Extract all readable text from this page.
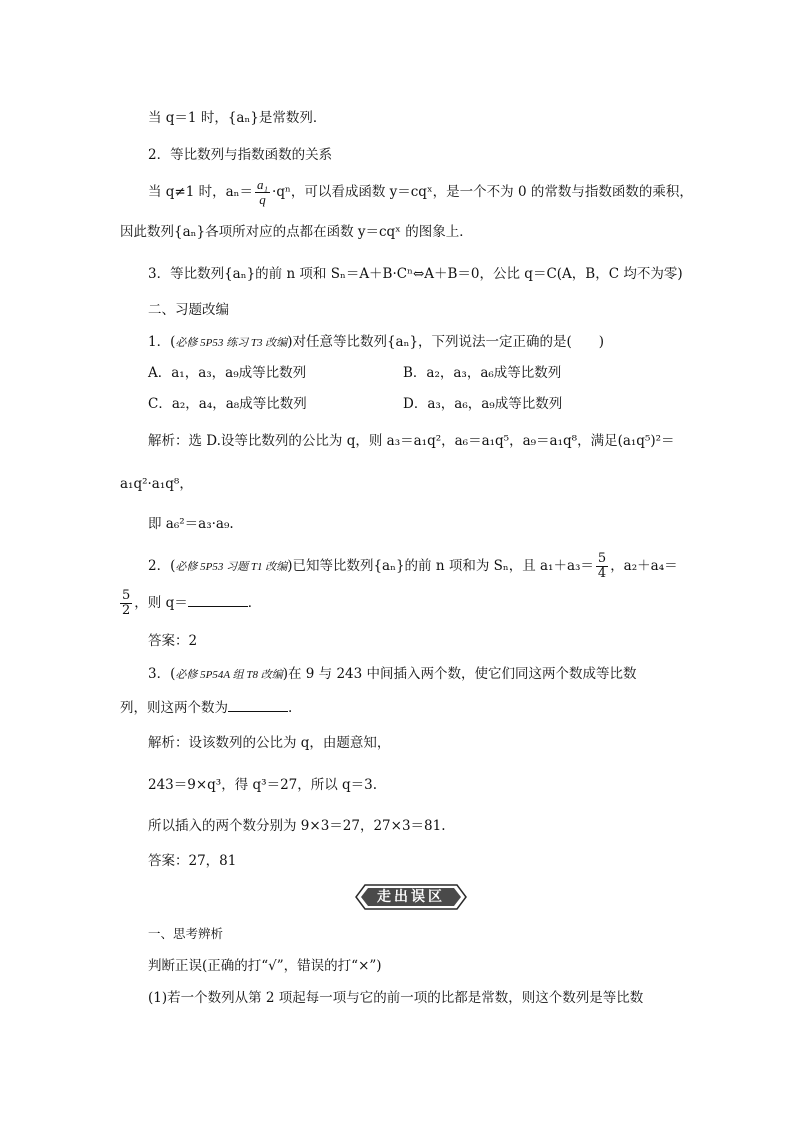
当 q＝1 时，{aₙ}是常数列．
2．等比数列与指数函数的关系
当 q≠1 时，$a_n= \frac{\text{a₁}}{q} \cdot q^n$，可以看成函数 y＝cqˣ，是一个不为 0 的常数与指数函数的乘积，
因此数列{aₙ}各项所对应的点都在函数 y＝cqˣ 的图象上．
3．等比数列{aₙ}的前 n 项和 Sₙ＝A＋B·Cⁿ⇔A＋B＝0，公比 q＝C(A，B，C 均不为零)
二、习题改编
1．(必修 5P53 练习 T3 改编)对任意等比数列{aₙ}，下列说法一定正确的是(　　)
A．a₁，a₃，a₉成等比数列	B．a₂，a₃，a₆成等比数列
C．a₂，a₄，a₈成等比数列	D．a₃，a₆，a₉成等比数列
解析：选 D.设等比数列的公比为 q，则 a₃＝a₁q²，a₆＝a₁q⁵，a₉＝a₁q⁸，满足(a₁q⁵)²＝
a₁q²·a₁q⁸，
即 a₆²＝a₃·a₉.
2．(必修 5P53 习题 T1 改编)已知等比数列{aₙ}的前 n 项和为 Sₙ，且 $a_1+a_3= \frac{5}{4}$ ，a₂＋a₄＝
$\frac{5}{2}$ ，则 q＝	．
答案：2
3．(必修 5P54A 组 T8 改编)在 9 与 243 中间插入两个数，使它们同这两个数成等比数
列，则这两个数为	.
解析：设该数列的公比为 q，由题意知，
243＝9×q³，得 q³＝27，所以 q＝3.
所以插入的两个数分别为 9×3＝27，27×3＝81.
答案：27，81
走出误区
一、思考辨析
判断正误(正确的打“√”，错误的打“×”)
(1)若一个数列从第 2 项起每一项与它的前一项的比都是常数，则这个数列是等比数
